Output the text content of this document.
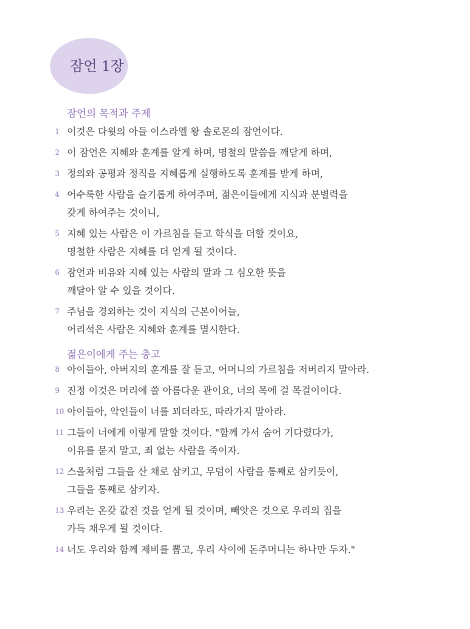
잠언 1장
잠언의 목적과 주제
1 이것은 다윗의 아들 이스라엘 왕 솔로몬의 잠언이다.
2 이 잠언은 지혜와 훈계를 알게 하며, 명철의 말씀을 깨닫게 하며,
3 정의와 공평과 정직을 지혜롭게 실행하도록 훈계를 받게 하며,
4 어수룩한 사람을 슬기롭게 하여주며, 젊은이들에게 지식과 분별력을
갖게 하여주는 것이니,
5 지혜 있는 사람은 이 가르침을 듣고 학식을 더할 것이요,
명철한 사람은 지혜를 더 얻게 될 것이다.
6 잠언과 비유와 지혜 있는 사람의 말과 그 심오한 뜻을
깨달아 알 수 있을 것이다.
7 주님을 경외하는 것이 지식의 근본이어늘,
어리석은 사람은 지혜와 훈계를 멸시한다.
젊은이에게 주는 충고
8 아이들아, 아버지의 훈계를 잘 듣고, 어머니의 가르침을 저버리지 말아라.
9 진정 이것은 머리에 쓸 아름다운 관이요, 너의 목에 걸 목걸이이다.
10 아이들아, 악인들이 너를 꾀더라도, 따라가지 말아라.
11 그들이 너에게 이렇게 말할 것이다. "함께 가서 숨어 기다렸다가,
이유를 묻지 말고, 죄 없는 사람을 죽이자.
12 스올처럼 그들을 산 채로 삼키고, 무덤이 사람을 통째로 삼키듯이,
그들을 통째로 삼키자.
13 우리는 온갖 값진 것을 얻게 될 것이며, 빼앗은 것으로 우리의 집을
가득 채우게 될 것이다.
14 너도 우리와 함께 제비를 뽑고, 우리 사이에 돈주머니는 하나만 두자."
